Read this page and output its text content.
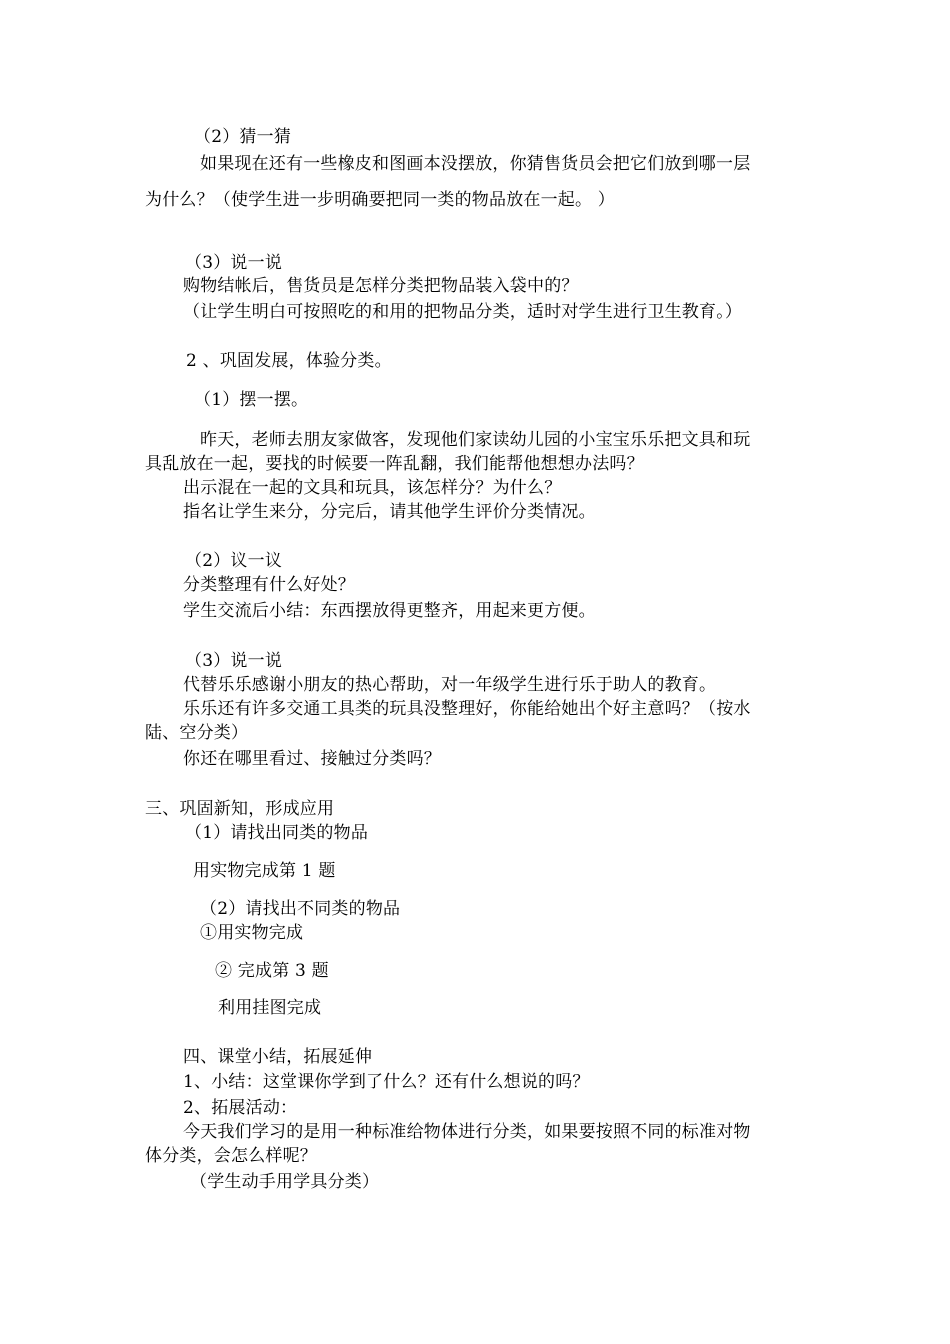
（2）猜一猜
如果现在还有一些橡皮和图画本没摆放，你猜售货员会把它们放到哪一层
为什么？（使学生进一步明确要把同一类的物品放在一起。 ）
（3）说一说
购物结帐后，售货员是怎样分类把物品装入袋中的？
（让学生明白可按照吃的和用的把物品分类，适时对学生进行卫生教育。）
2 、巩固发展，体验分类。
（1）摆一摆。
昨天，老师去朋友家做客，发现他们家读幼儿园的小宝宝乐乐把文具和玩
具乱放在一起，要找的时候要一阵乱翻，我们能帮他想想办法吗？
出示混在一起的文具和玩具，该怎样分？为什么？
指名让学生来分，分完后，请其他学生评价分类情况。
（2）议一议
分类整理有什么好处？
学生交流后小结：东西摆放得更整齐，用起来更方便。
（3）说一说
代替乐乐感谢小朋友的热心帮助，对一年级学生进行乐于助人的教育。
乐乐还有许多交通工具类的玩具没整理好，你能给她出个好主意吗？（按水
陆、空分类）
你还在哪里看过、接触过分类吗？
三、巩固新知，形成应用
（1）请找出同类的物品
用实物完成第 1 题
（2）请找出不同类的物品
①用实物完成
② 完成第 3 题
利用挂图完成
四、课堂小结，拓展延伸
1、小结：这堂课你学到了什么？还有什么想说的吗？
2、拓展活动：
今天我们学习的是用一种标准给物体进行分类，如果要按照不同的标准对物
体分类，会怎么样呢？
（学生动手用学具分类）
